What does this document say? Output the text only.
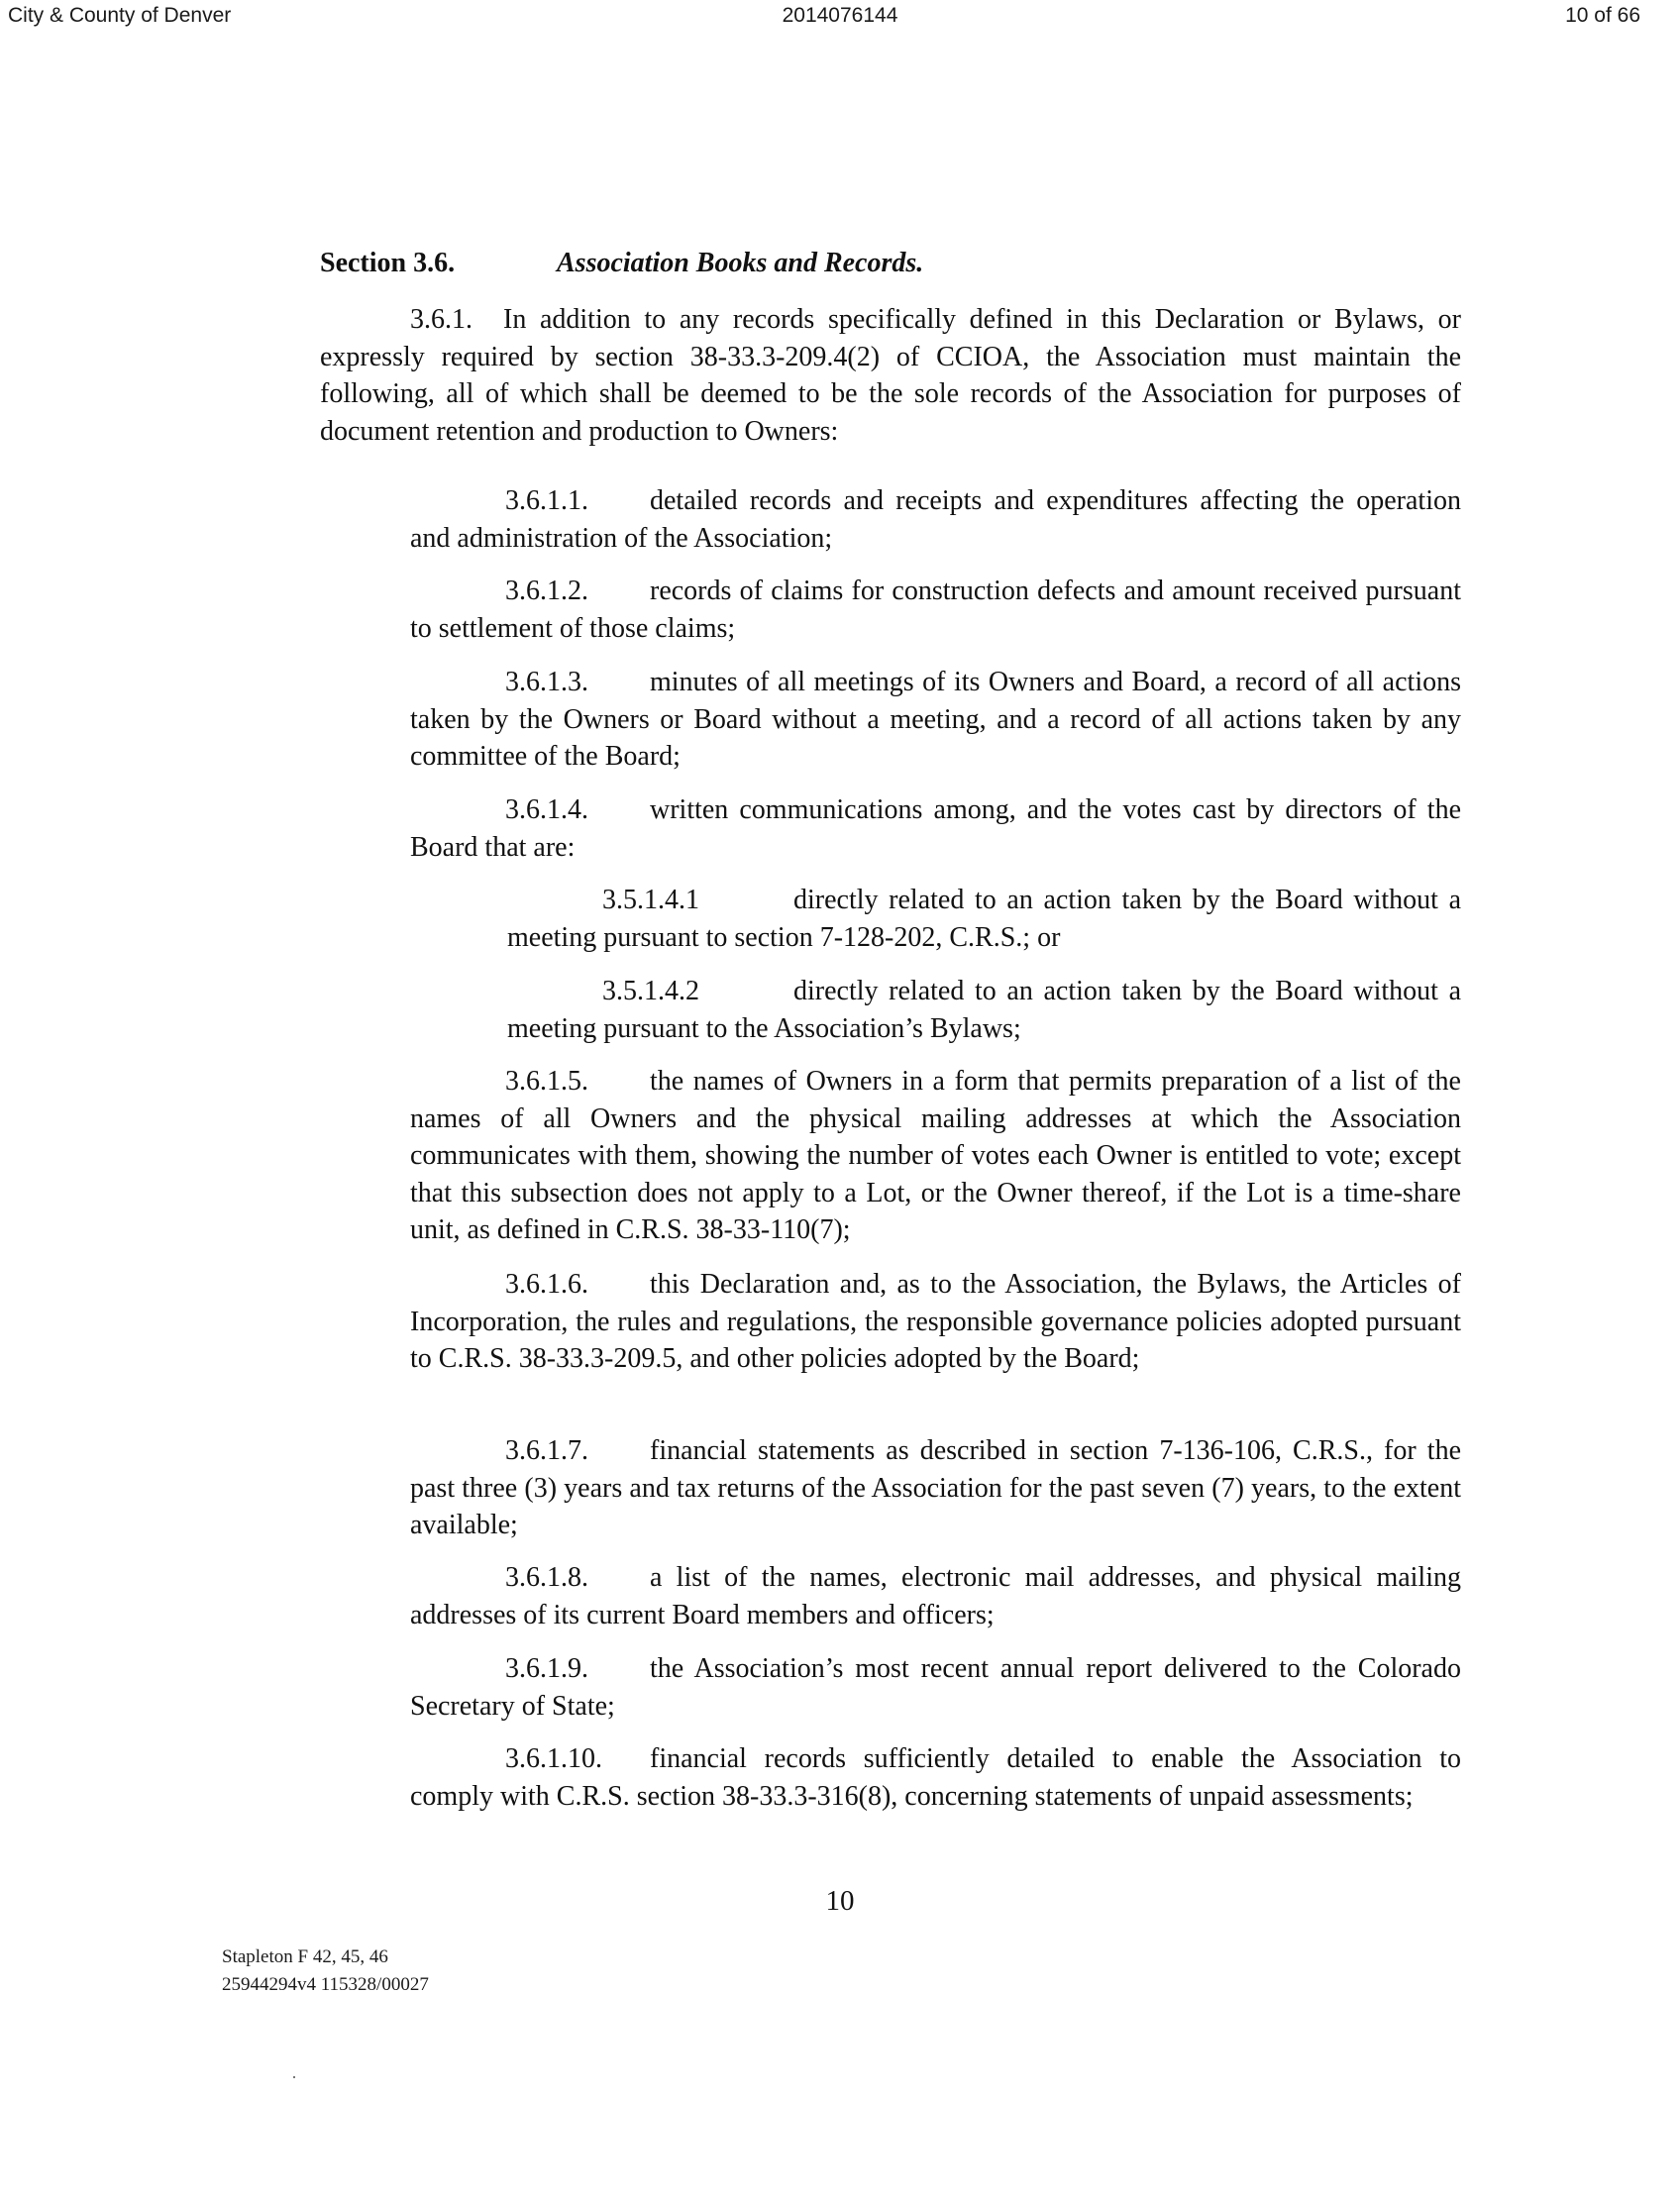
City & County of Denver	2014076144	10 of 66
Section 3.6.	Association Books and Records.

3.6.1. In addition to any records specifically defined in this Declaration or Bylaws, or expressly required by section 38-33.3-209.4(2) of CCIOA, the Association must maintain the following, all of which shall be deemed to be the sole records of the Association for purposes of document retention and production to Owners:

3.6.1.1. detailed records and receipts and expenditures affecting the operation and administration of the Association;

3.6.1.2. records of claims for construction defects and amount received pursuant to settlement of those claims;

3.6.1.3. minutes of all meetings of its Owners and Board, a record of all actions taken by the Owners or Board without a meeting, and a record of all actions taken by any committee of the Board;

3.6.1.4. written communications among, and the votes cast by directors of the Board that are:

3.5.1.4.1	directly related to an action taken by the Board without a meeting pursuant to section 7-128-202, C.R.S.; or

3.5.1.4.2	directly related to an action taken by the Board without a meeting pursuant to the Association’s Bylaws;

3.6.1.5. the names of Owners in a form that permits preparation of a list of the names of all Owners and the physical mailing addresses at which the Association communicates with them, showing the number of votes each Owner is entitled to vote; except that this subsection does not apply to a Lot, or the Owner thereof, if the Lot is a time-share unit, as defined in C.R.S. 38-33-110(7);

3.6.1.6. this Declaration and, as to the Association, the Bylaws, the Articles of Incorporation, the rules and regulations, the responsible governance policies adopted pursuant to C.R.S. 38-33.3-209.5, and other policies adopted by the Board;

3.6.1.7. financial statements as described in section 7-136-106, C.R.S., for the past three (3) years and tax returns of the Association for the past seven (7) years, to the extent available;

3.6.1.8. a list of the names, electronic mail addresses, and physical mailing addresses of its current Board members and officers;

3.6.1.9. the Association’s most recent annual report delivered to the Colorado Secretary of State;

3.6.1.10. financial records sufficiently detailed to enable the Association to comply with C.R.S. section 38-33.3-316(8), concerning statements of unpaid assessments;

10
Stapleton F 42, 45, 46
25944294v4 115328/00027
